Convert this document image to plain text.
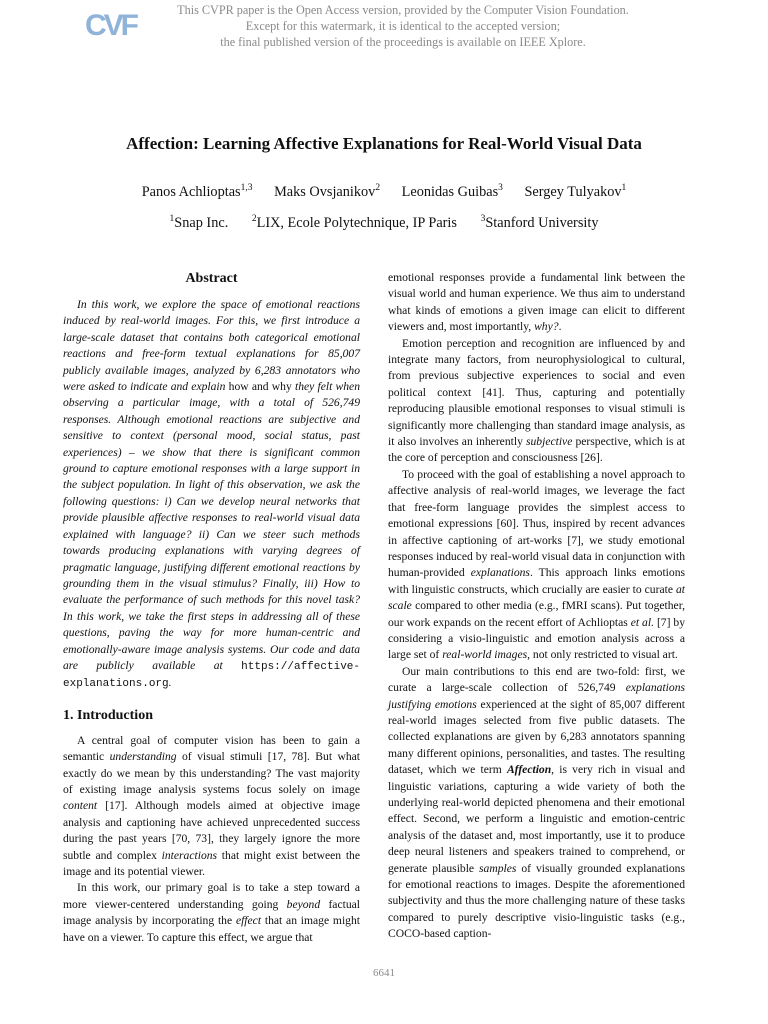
CVF	This CVPR paper is the Open Access version, provided by the Computer Vision Foundation.
Except for this watermark, it is identical to the accepted version;
the final published version of the proceedings is available on IEEE Xplore.
Affection: Learning Affective Explanations for Real-World Visual Data
Panos Achlioptas$^{1,3}$ Maks Ovsjanikov$^2$ Leonidas Guibas$^3$ Sergey Tulyakov$^1$
$^1$Snap Inc. $^2$LIX, Ecole Polytechnique, IP Paris $^3$Stanford University
Abstract

In this work, we explore the space of emotional reactions induced by real-world images. For this, we first introduce a large-scale dataset that contains both categorical emotional reactions and free-form textual explanations for 85,007 publicly available images, analyzed by 6,283 annotators who were asked to indicate and explain how and why they felt when observing a particular image, with a total of 526,749 responses. Although emotional reactions are subjective and sensitive to context (personal mood, social status, past experiences) – we show that there is significant common ground to capture emotional responses with a large support in the subject population. In light of this observation, we ask the following questions: i) Can we develop neural networks that provide plausible affective responses to real-world visual data explained with language? ii) Can we steer such methods towards producing explanations with varying degrees of pragmatic language, justifying different emotional reactions by grounding them in the visual stimulus? Finally, iii) How to evaluate the performance of such methods for this novel task? In this work, we take the first steps in addressing all of these questions, paving the way for more human-centric and emotionally-aware image analysis systems. Our code and data are publicly available at https://affective-explanations.org.

1. Introduction

A central goal of computer vision has been to gain a semantic understanding of visual stimuli [17, 78]. But what exactly do we mean by this understanding? The vast majority of existing image analysis systems focus solely on image content [17]. Although models aimed at objective image analysis and captioning have achieved unprecedented success during the past years [70, 73], they largely ignore the more subtle and complex interactions that might exist between the image and its potential viewer.

In this work, our primary goal is to take a step toward a more viewer-centered understanding going beyond factual image analysis by incorporating the effect that an image might have on a viewer. To capture this effect, we argue that

emotional responses provide a fundamental link between the visual world and human experience. We thus aim to understand what kinds of emotions a given image can elicit to different viewers and, most importantly, why?.

Emotion perception and recognition are influenced by and integrate many factors, from neurophysiological to cultural, from previous subjective experiences to social and even political context [41]. Thus, capturing and potentially reproducing plausible emotional responses to visual stimuli is significantly more challenging than standard image analysis, as it also involves an inherently subjective perspective, which is at the core of perception and consciousness [26].

To proceed with the goal of establishing a novel approach to affective analysis of real-world images, we leverage the fact that free-form language provides the simplest access to emotional expressions [60]. Thus, inspired by recent advances in affective captioning of art-works [7], we study emotional responses induced by real-world visual data in conjunction with human-provided explanations. This approach links emotions with linguistic constructs, which crucially are easier to curate at scale compared to other media (e.g., fMRI scans). Put together, our work expands on the recent effort of Achlioptas et al. [7] by considering a visio-linguistic and emotion analysis across a large set of real-world images, not only restricted to visual art.

Our main contributions to this end are two-fold: first, we curate a large-scale collection of 526,749 explanations justifying emotions experienced at the sight of 85,007 different real-world images selected from five public datasets. The collected explanations are given by 6,283 annotators spanning many different opinions, personalities, and tastes. The resulting dataset, which we term Affection, is very rich in visual and linguistic variations, capturing a wide variety of both the underlying real-world depicted phenomena and their emotional effect. Second, we perform a linguistic and emotion-centric analysis of the dataset and, most importantly, use it to produce deep neural listeners and speakers trained to comprehend, or generate plausible samples of visually grounded explanations for emotional reactions to images. Despite the aforementioned subjectivity and thus the more challenging nature of these tasks compared to purely descriptive visio-linguistic tasks (e.g., COCO-based caption-

6641
